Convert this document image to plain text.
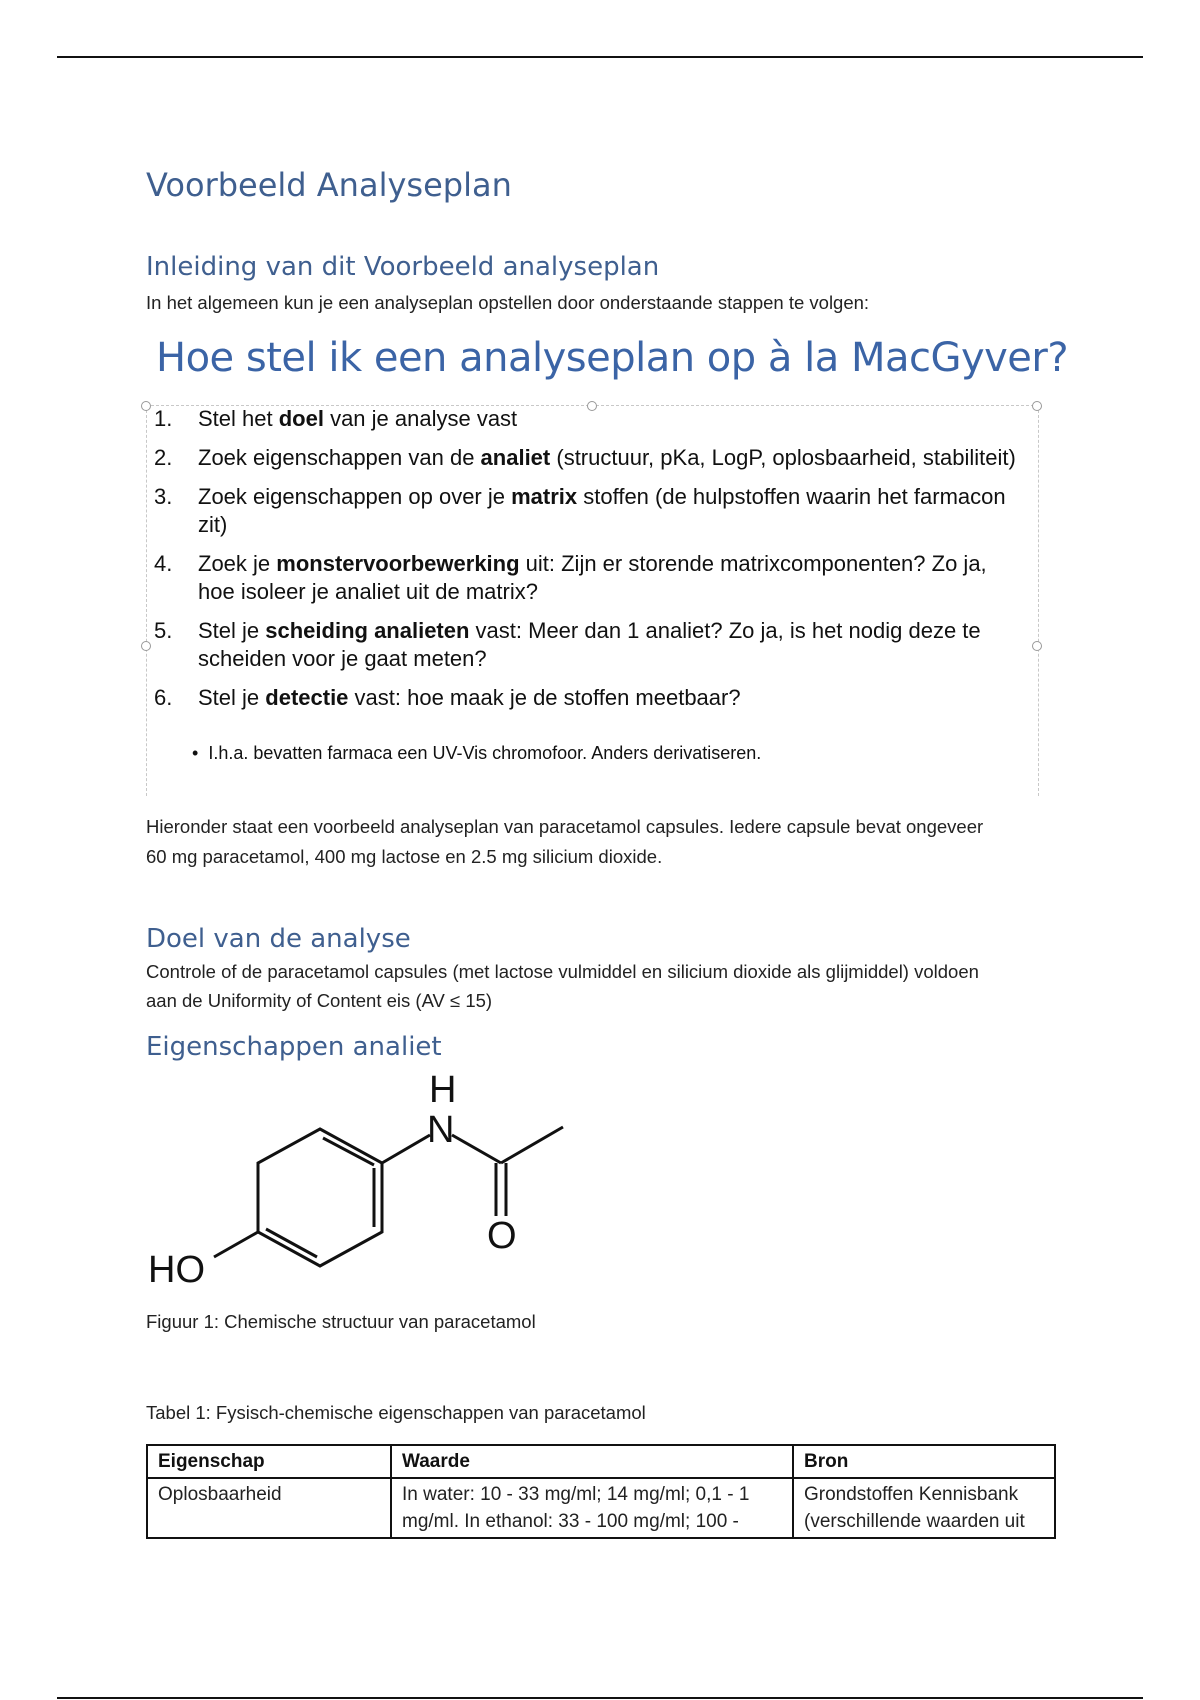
Voorbeeld Analyseplan
Inleiding van dit Voorbeeld analyseplan

In het algemeen kun je een analyseplan opstellen door onderstaande stappen te volgen:

Hoe stel ik een analyseplan op à la MacGyver?
1.	Stel het doel van je analyse vast
2.	Zoek eigenschappen van de analiet (structuur, pKa, LogP, oplosbaarheid, stabiliteit)
3.	Zoek eigenschappen op over je matrix stoffen (de hulpstoffen waarin het farmacon zit)
4.	Zoek je monstervoorbewerking uit: Zijn er storende matrixcomponenten? Zo ja, hoe isoleer je analiet uit de matrix?
5.	Stel je scheiding analieten vast: Meer dan 1 analiet? Zo ja, is het nodig deze te scheiden voor je gaat meten?
6.	Stel je detectie vast: hoe maak je de stoffen meetbaar?
• I.h.a. bevatten farmaca een UV-Vis chromofoor. Anders derivatiseren.

Hieronder staat een voorbeeld analyseplan van paracetamol capsules. Iedere capsule bevat ongeveer 60 mg paracetamol, 400 mg lactose en 2.5 mg silicium dioxide.

Doel van de analyse

Controle of de paracetamol capsules (met lactose vulmiddel en silicium dioxide als glijmiddel) voldoen aan de Uniformity of Content eis (AV ≤ 15)

Eigenschappen analiet
H
N
O
HO

Figuur 1: Chemische structuur van paracetamol

Tabel 1: Fysisch-chemische eigenschappen van paracetamol

Eigenschap	Waarde	Bron
Oplosbaarheid	In water: 10 - 33 mg/ml; 14 mg/ml; 0,1 - 1 mg/ml. In ethanol: 33 - 100 mg/ml; 100 -	Grondstoffen Kennisbank (verschillende waarden uit
